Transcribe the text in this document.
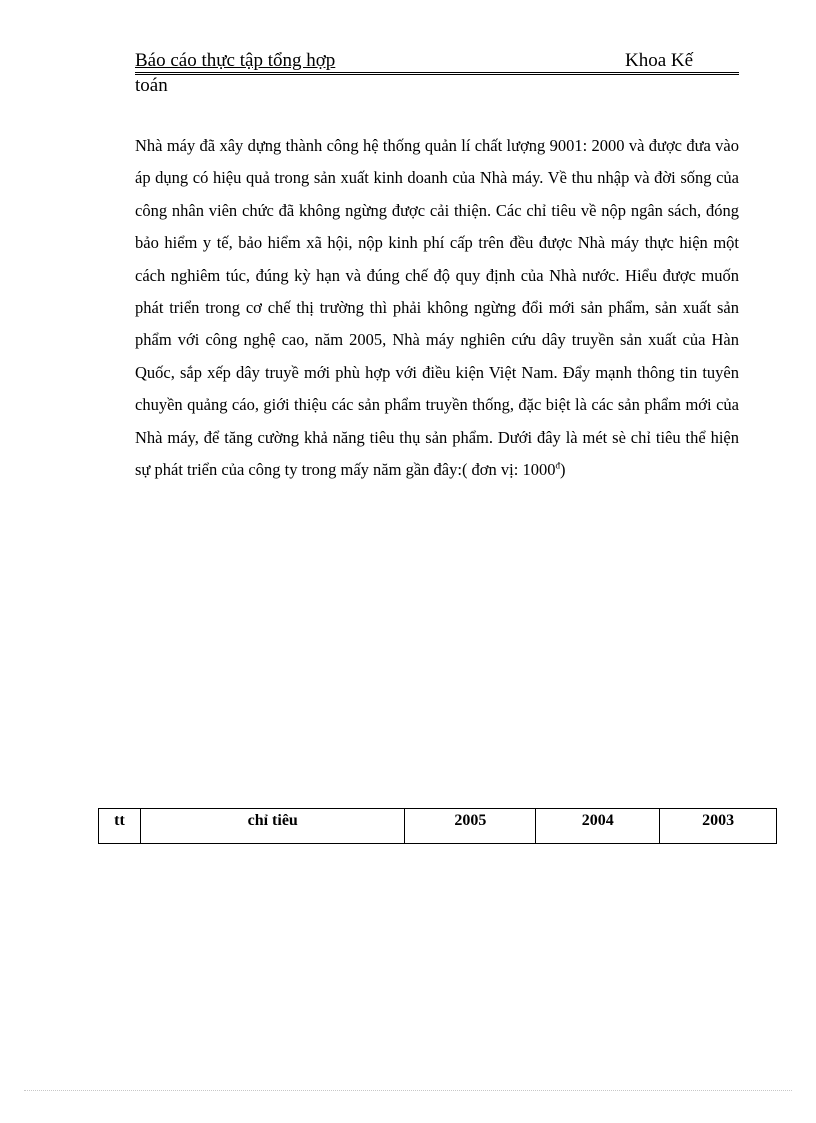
Báo cáo thực tập tổng hợp	Khoa Kế
toán

Nhà máy đã xây dựng thành công hệ thống quản lí chất lượng 9001: 2000 và được đưa vào áp dụng có hiệu quả trong sản xuất kinh doanh của Nhà máy. Về thu nhập và đời sống của công nhân viên chức đã không ngừng được cải thiện. Các chỉ tiêu về nộp ngân sách, đóng bảo hiểm y tế, bảo hiểm xã hội, nộp kinh phí cấp trên đều được Nhà máy thực hiện một cách nghiêm túc, đúng kỳ hạn và đúng chế độ quy định của Nhà nước. Hiểu được muốn phát triển trong cơ chế thị trường thì phải không ngừng đổi mới sản phẩm, sản xuất sản phẩm với công nghệ cao, năm 2005, Nhà máy nghiên cứu dây truyền sản xuất của Hàn Quốc, sắp xếp dây truyề mới phù hợp với điều kiện Việt Nam. Đẩy mạnh thông tin tuyên chuyền quảng cáo, giới thiệu các sản phẩm truyền thống, đặc biệt là các sản phẩm mới của Nhà máy, để tăng cường khả năng tiêu thụ sản phẩm. Dưới đây là mét sè chỉ tiêu thể hiện sự phát triển của công ty trong mấy năm gần đây:( đơn vị: $1000^đ$)

tt	chỉ tiêu	2005	2004	2003
